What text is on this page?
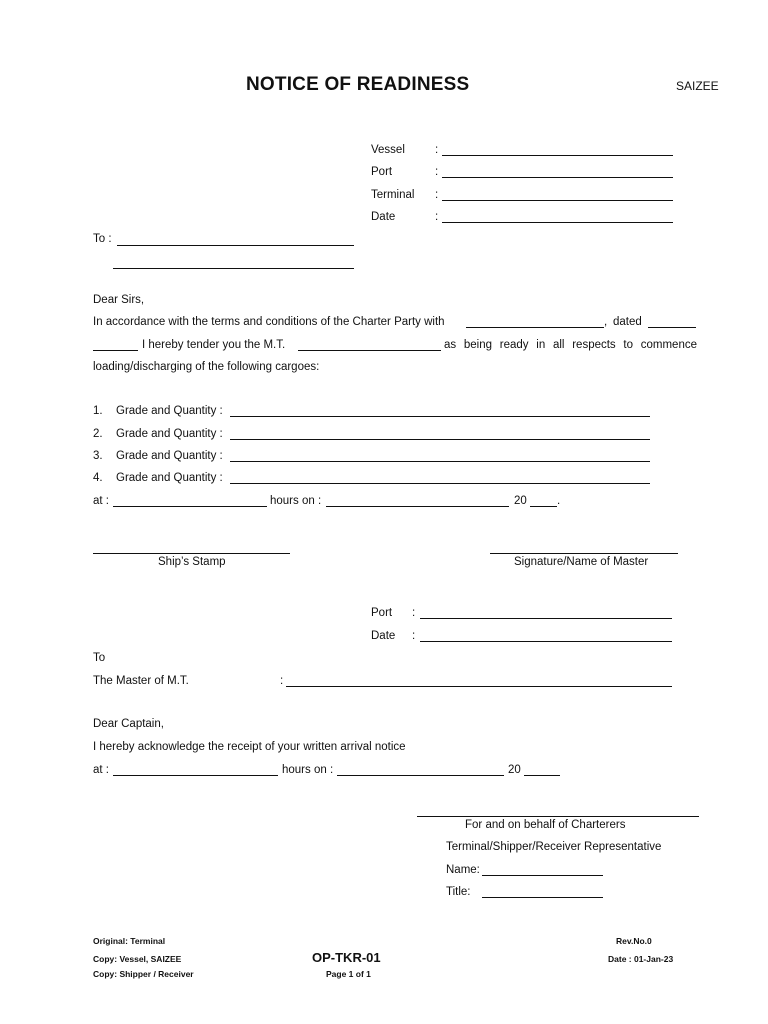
NOTICE OF READINESS	SAIZEE
Vessel	:
Port	:
Terminal :
Date	:
To :
Dear Sirs,
In accordance with the terms and conditions of the Charter Party with	, dated
I hereby tender you the M.T.	as being ready in all respects to commence
loading/discharging of the following cargoes:
1. Grade and Quantity :
2. Grade and Quantity :
3. Grade and Quantity :
4. Grade and Quantity :
at :	hours on :	20	.
Ship’s Stamp	Signature/Name of Master
Port :
Date :
To
The Master of M.T.	:
Dear Captain,
I hereby acknowledge the receipt of your written arrival notice
at :	hours on :	20
For and on behalf of Charterers
Terminal/Shipper/Receiver Representative
Name:
Title:
Original: Terminal
Copy: Vessel, SAIZEE
Copy: Shipper / Receiver
OP-TKR-01
Page 1 of 1
Rev.No.0
Date : 01-Jan-23
